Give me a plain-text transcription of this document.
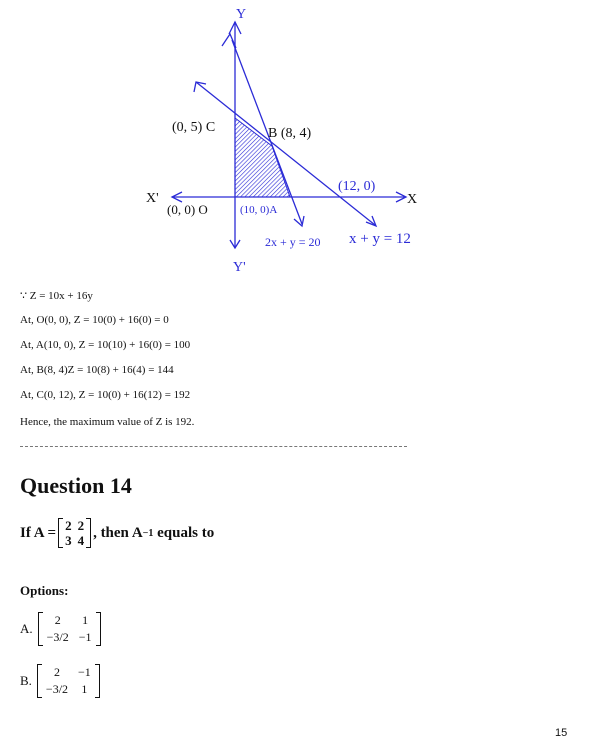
Y
Y'
X'	X
(0, 5) C	B (8, 4)
(0, 0) O	(10, 0)A
(12, 0)
2x + y = 20 x + y = 12
∵ Z = 10x + 16y
At, O(0, 0), Z = 10(0) + 16(0) = 0
At, A(10, 0), Z = 10(10) + 16(0) = 100
At, B(8, 4)Z = 10(8) + 16(4) = 144
At, C(0, 12), Z = 10(0) + 16(12) = 192
Hence, the maximum value of Z is 192.
Question 14
If A = 2 2
3 4 , then A −1 equals to
Options:
A.
2	1
−3/2 −1
B.
2	−1
−3/2 1
15
